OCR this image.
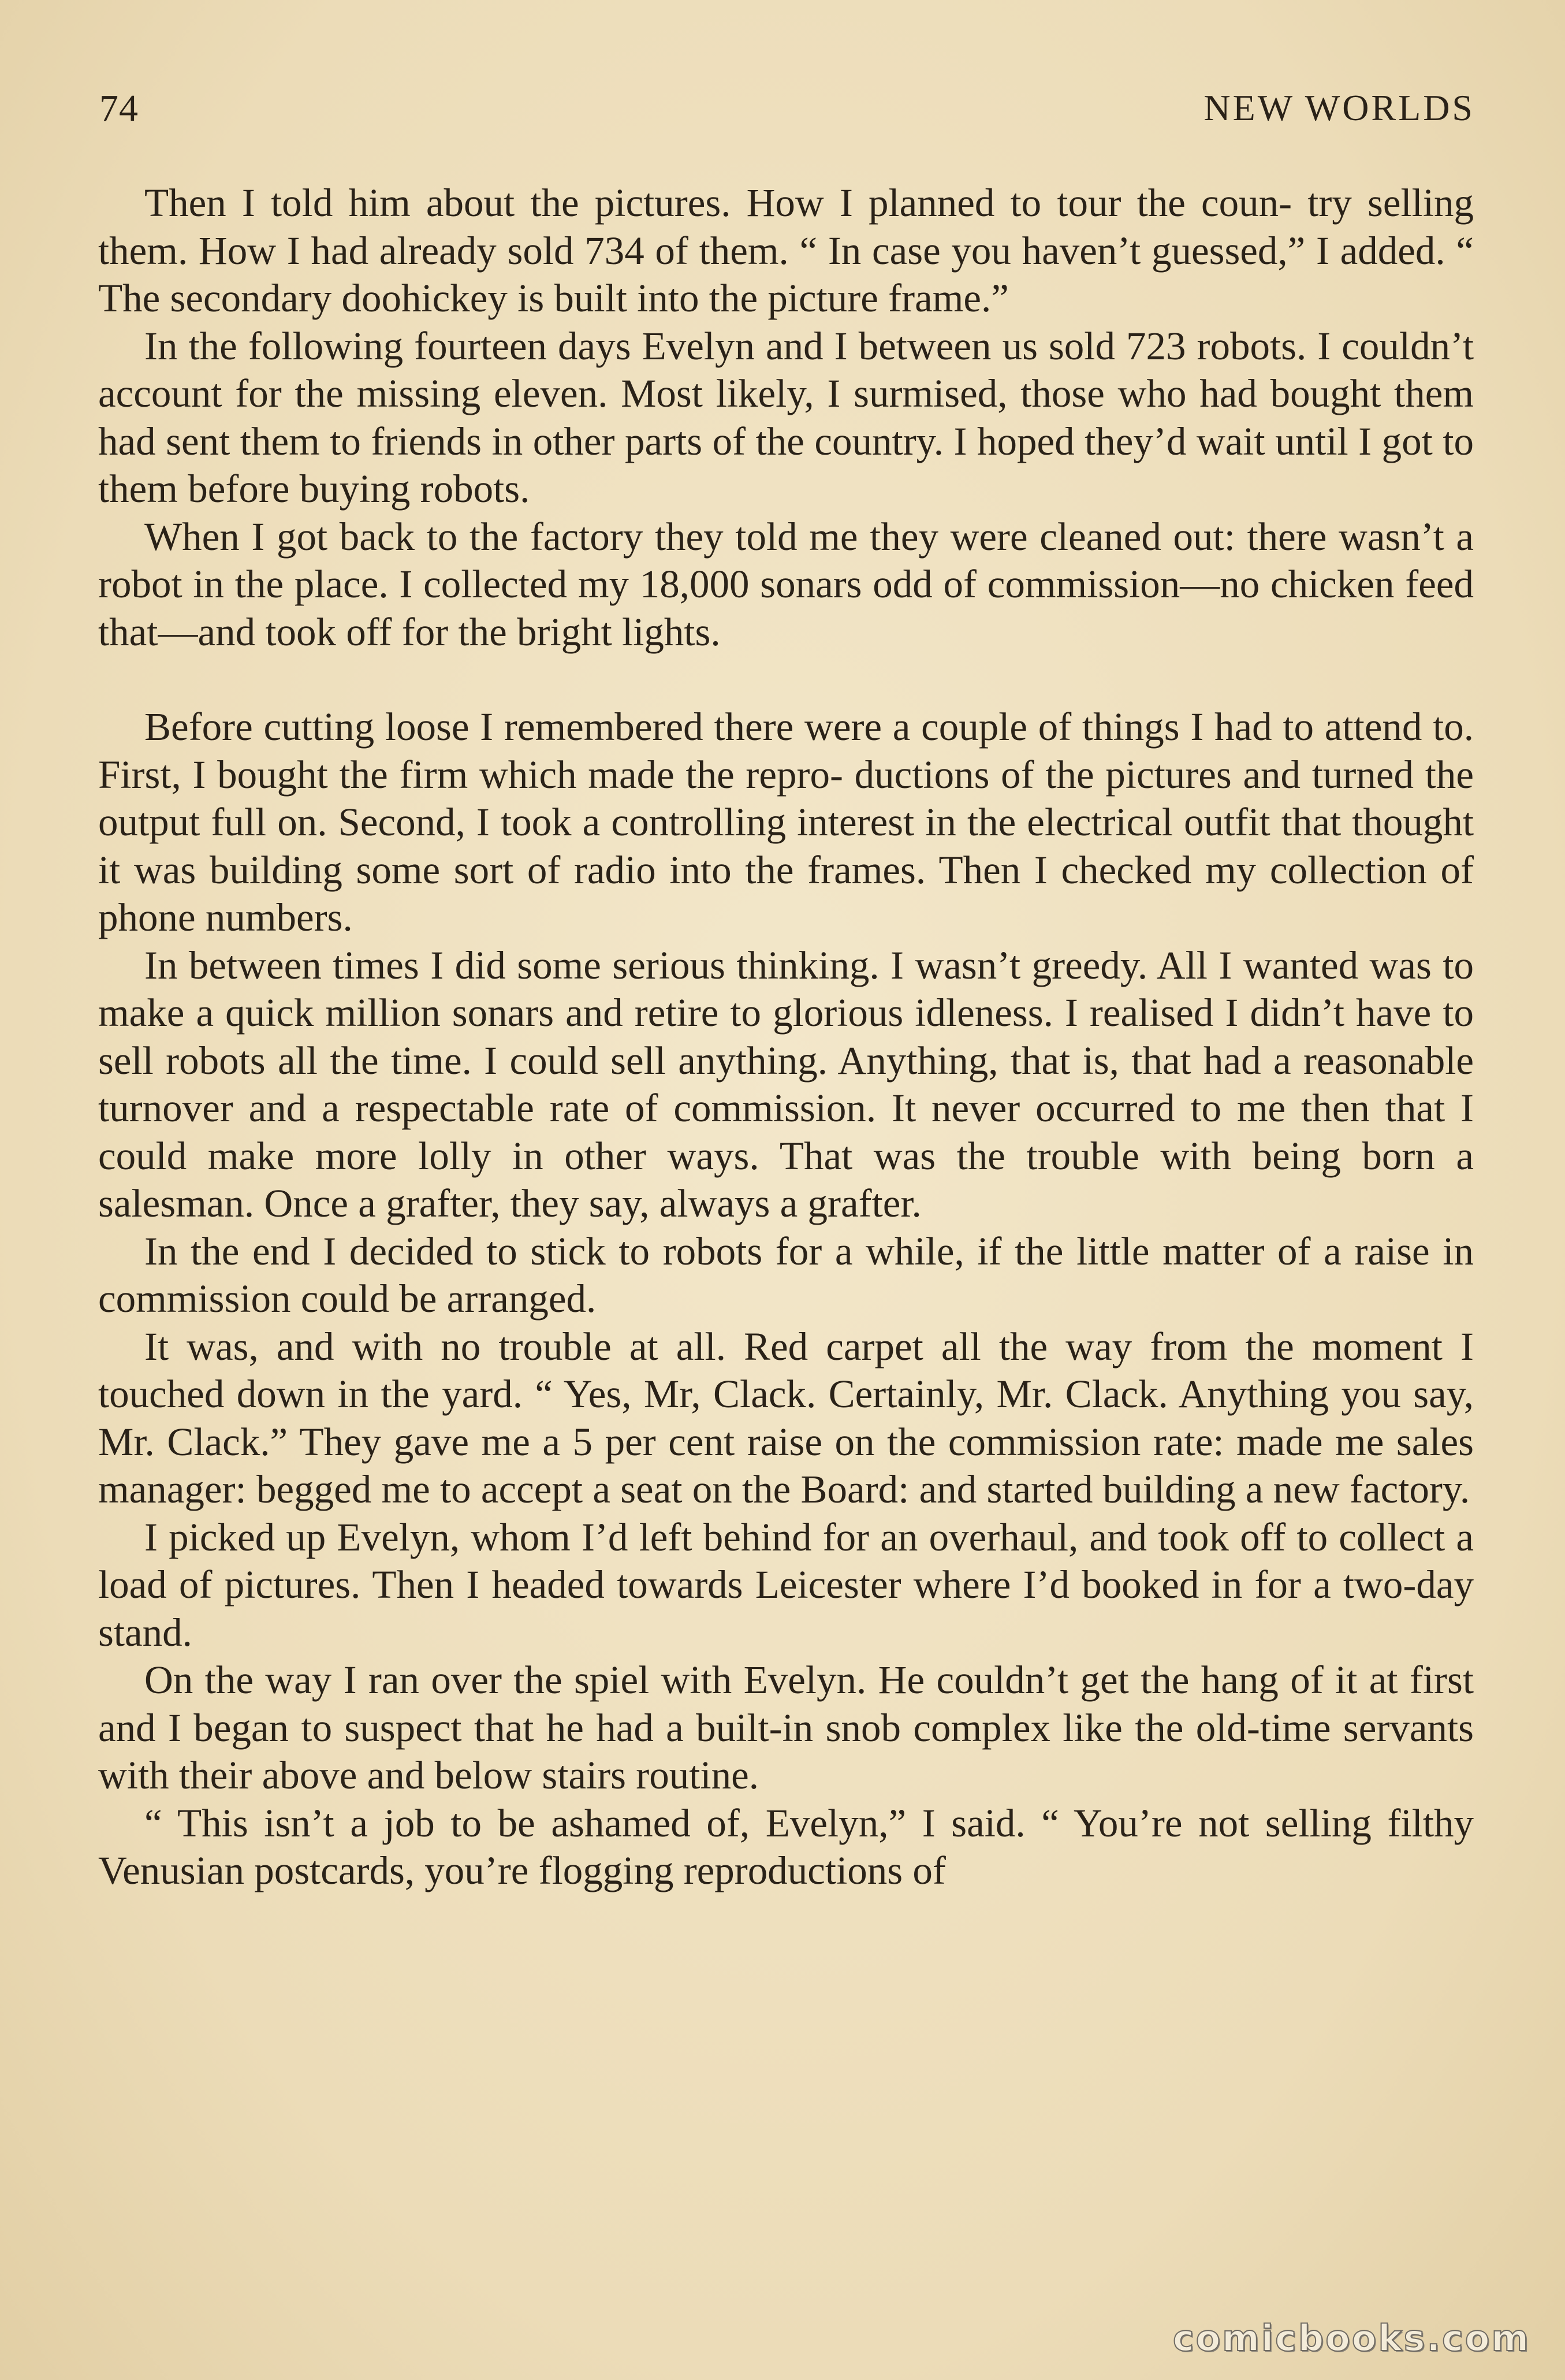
74	NEW WORLDS

Then I told him about the pictures. How I planned to tour the coun- try selling them. How I had already sold 734 of them. “ In case you haven’t guessed,” I added. “ The secondary doohickey is built into the picture frame.”

In the following fourteen days Evelyn and I between us sold 723 robots. I couldn’t account for the missing eleven. Most likely, I surmised, those who had bought them had sent them to friends in other parts of the country. I hoped they’d wait until I got to them before buying robots.

When I got back to the factory they told me they were cleaned out: there wasn’t a robot in the place. I collected my 18,000 sonars odd of commission—no chicken feed that—and took off for the bright lights.

Before cutting loose I remembered there were a couple of things I had to attend to. First, I bought the firm which made the repro- ductions of the pictures and turned the output full on. Second, I took a controlling interest in the electrical outfit that thought it was building some sort of radio into the frames. Then I checked my collection of phone numbers.

In between times I did some serious thinking. I wasn’t greedy. All I wanted was to make a quick million sonars and retire to glorious idleness. I realised I didn’t have to sell robots all the time. I could sell anything. Anything, that is, that had a reasonable turnover and a respectable rate of commission. It never occurred to me then that I could make more lolly in other ways. That was the trouble with being born a salesman. Once a grafter, they say, always a grafter.

In the end I decided to stick to robots for a while, if the little matter of a raise in commission could be arranged.

It was, and with no trouble at all. Red carpet all the way from the moment I touched down in the yard. “ Yes, Mr, Clack. Certainly, Mr. Clack. Anything you say, Mr. Clack.” They gave me a 5 per cent raise on the commission rate: made me sales manager: begged me to accept a seat on the Board: and started building a new factory.

I picked up Evelyn, whom I’d left behind for an overhaul, and took off to collect a load of pictures. Then I headed towards Leicester where I’d booked in for a two-day stand.

On the way I ran over the spiel with Evelyn. He couldn’t get the hang of it at first and I began to suspect that he had a built-in snob complex like the old-time servants with their above and below stairs routine.

“ This isn’t a job to be ashamed of, Evelyn,” I said. “ You’re not selling filthy Venusian postcards, you’re flogging reproductions of

comicbooks.com
